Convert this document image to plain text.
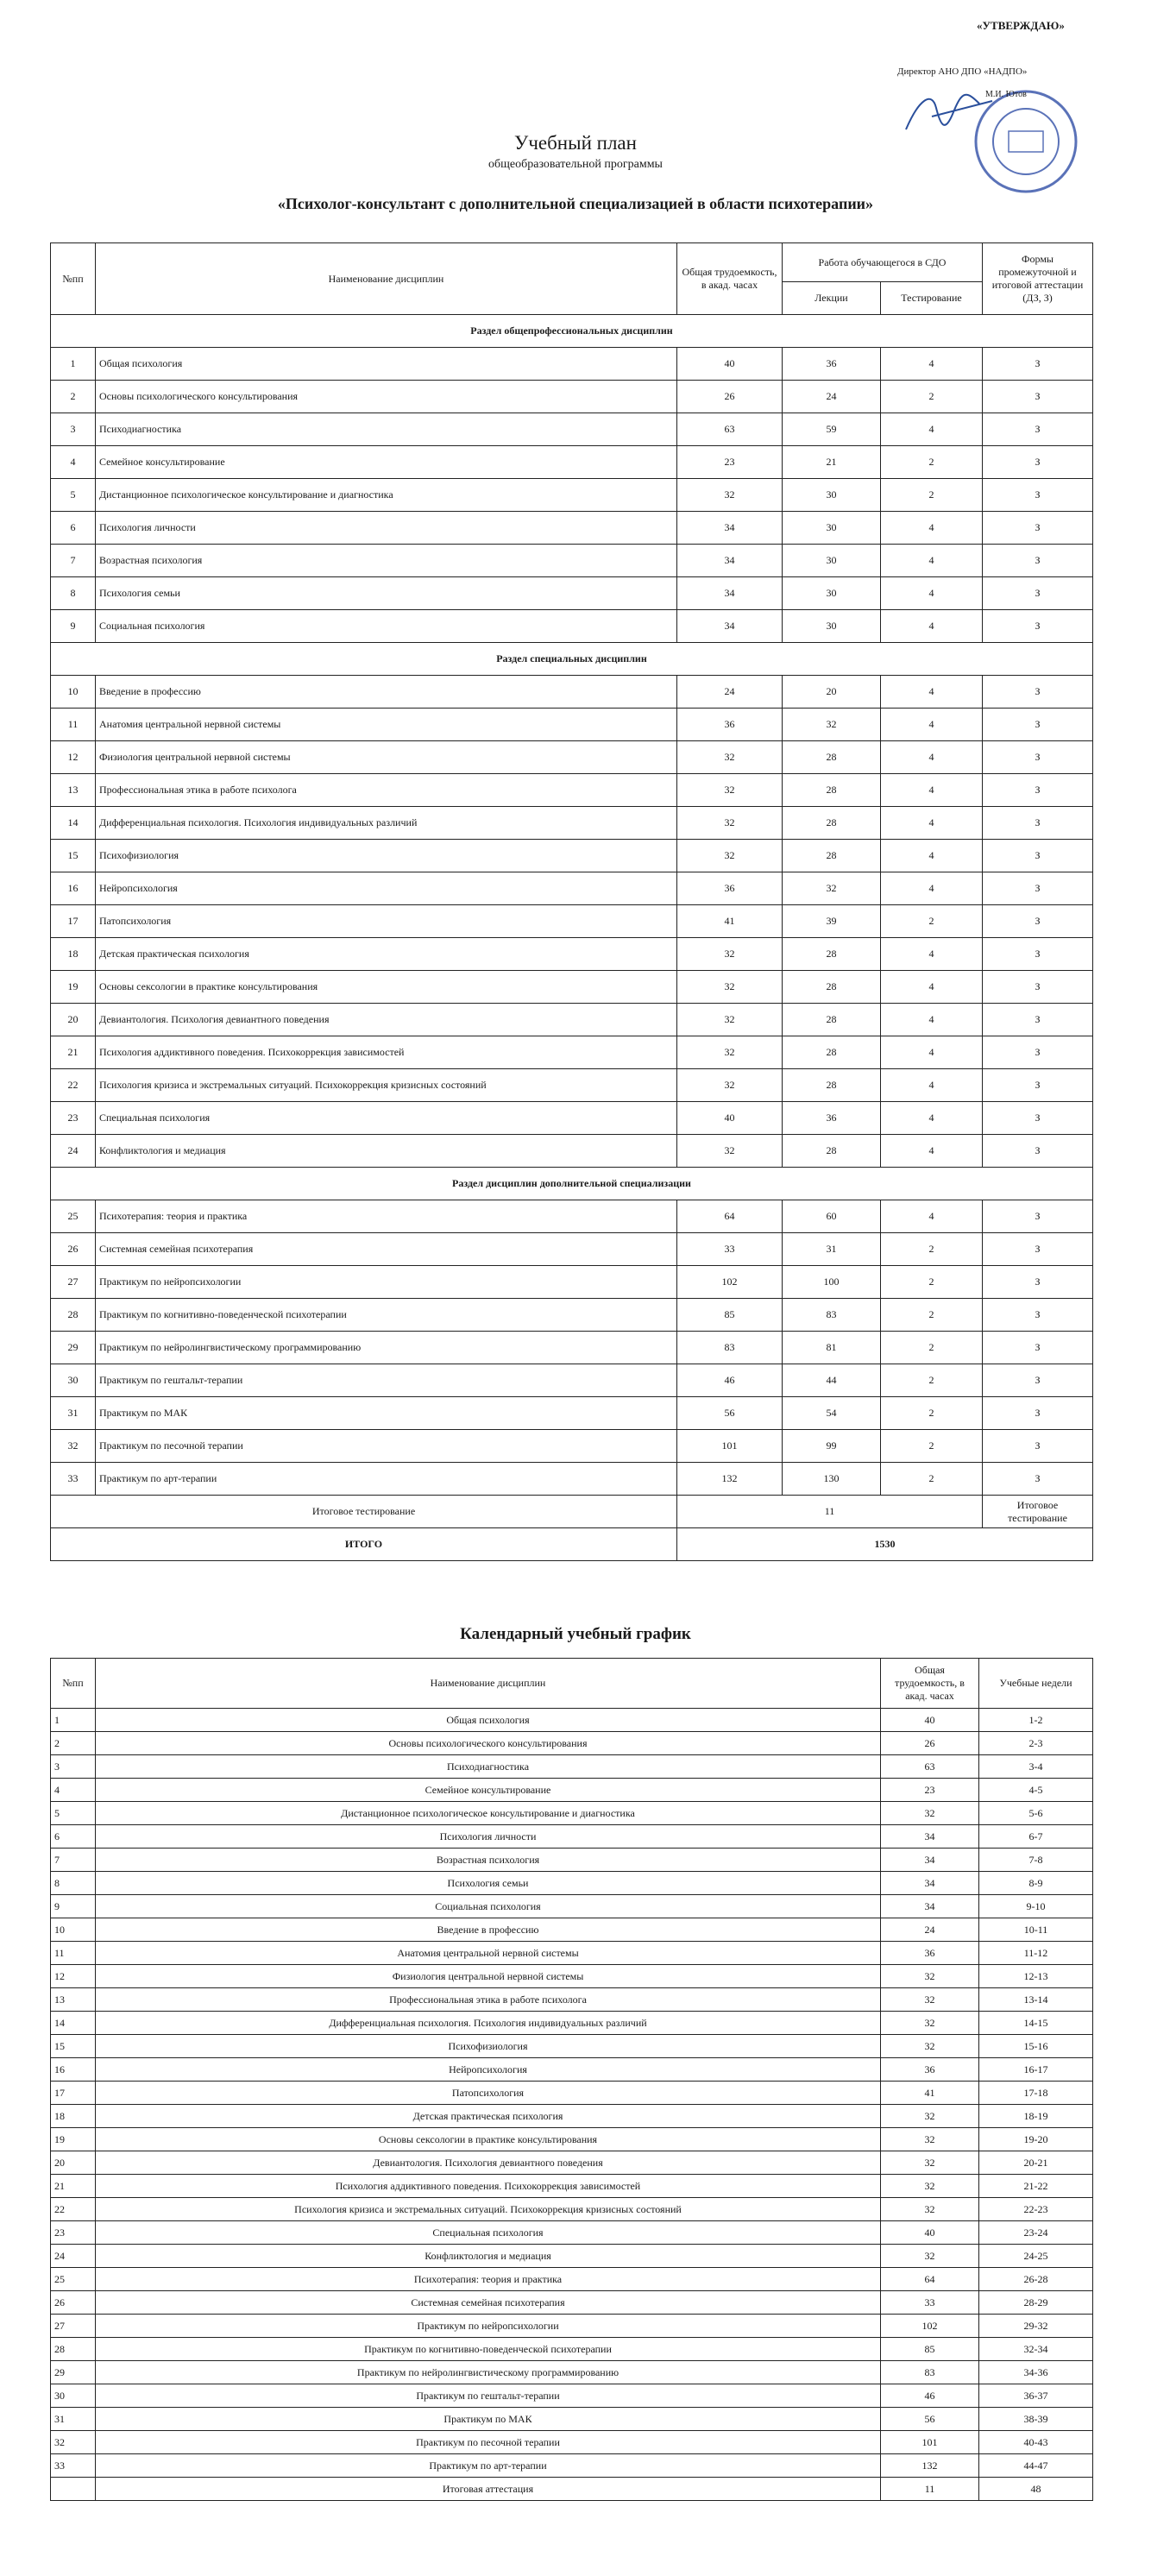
«УТВЕРЖДАЮ»
Директор АНО ДПО «НАДПО»
М.И. Ютов
Учебный план
общеобразовательной программы
«Психолог-консультант с дополнительной специализацией в области психотерапии»
№пп	Наименование дисциплин	Общая трудоемкость, в акад. часах	Работа обучающегося в СДО		Формы промежуточной и итоговой аттестации (ДЗ, З)
			Лекции	Тестирование	
Раздел общепрофессиональных дисциплин					
1	Общая психология	40	36	4	З
2	Основы психологического консультирования	26	24	2	З
3	Психодиагностика	63	59	4	З
4	Семейное консультирование	23	21	2	З
5	Дистанционное психологическое консультирование и диагностика	32	30	2	З
6	Психология личности	34	30	4	З
7	Возрастная психология	34	30	4	З
8	Психология семьи	34	30	4	З
9	Социальная психология	34	30	4	З
Раздел специальных дисциплин					
10	Введение в профессию	24	20	4	З
11	Анатомия центральной нервной системы	36	32	4	З
12	Физиология центральной нервной системы	32	28	4	З
13	Профессиональная этика в работе психолога	32	28	4	З
14	Дифференциальная психология. Психология индивидуальных различий	32	28	4	З
15	Психофизиология	32	28	4	З
16	Нейропсихология	36	32	4	З
17	Патопсихология	41	39	2	З
18	Детская практическая психология	32	28	4	З
19	Основы сексологии в практике консультирования	32	28	4	З
20	Девиантология. Психология девиантного поведения	32	28	4	З
21	Психология аддиктивного поведения. Психокоррекция зависимостей	32	28	4	З
22	Психология кризиса и экстремальных ситуаций. Психокоррекция кризисных состояний	32	28	4	З
23	Специальная психология	40	36	4	З
24	Конфликтология и медиация	32	28	4	З
Раздел дисциплин дополнительной специализации					
25	Психотерапия: теория и практика	64	60	4	З
26	Системная семейная психотерапия	33	31	2	З
27	Практикум по нейропсихологии	102	100	2	З
28	Практикум по когнитивно-поведенческой психотерапии	85	83	2	З
29	Практикум по нейролингвистическому программированию	83	81	2	З
30	Практикум по гештальт-терапии	46	44	2	З
31	Практикум по МАК	56	54	2	З
32	Практикум по песочной терапии	101	99	2	З
33	Практикум по арт-терапии	132	130	2	З
Итоговое тестирование		11			Итоговое тестирование
ИТОГО		1530			
Календарный учебный график
№пп	Наименование дисциплин	Общая трудоемкость, в акад. часах	Учебные недели
1	Общая психология	40	1-2
2	Основы психологического консультирования	26	2-3
3	Психодиагностика	63	3-4
4	Семейное консультирование	23	4-5
5	Дистанционное психологическое консультирование и диагностика	32	5-6
6	Психология личности	34	6-7
7	Возрастная психология	34	7-8
8	Психология семьи	34	8-9
9	Социальная психология	34	9-10
10	Введение в профессию	24	10-11
11	Анатомия центральной нервной системы	36	11-12
12	Физиология центральной нервной системы	32	12-13
13	Профессиональная этика в работе психолога	32	13-14
14	Дифференциальная психология. Психология индивидуальных различий	32	14-15
15	Психофизиология	32	15-16
16	Нейропсихология	36	16-17
17	Патопсихология	41	17-18
18	Детская практическая психология	32	18-19
19	Основы сексологии в практике консультирования	32	19-20
20	Девиантология. Психология девиантного поведения	32	20-21
21	Психология аддиктивного поведения. Психокоррекция зависимостей	32	21-22
22	Психология кризиса и экстремальных ситуаций. Психокоррекция кризисных состояний	32	22-23
23	Специальная психология	40	23-24
24	Конфликтология и медиация	32	24-25
25	Психотерапия: теория и практика	64	26-28
26	Системная семейная психотерапия	33	28-29
27	Практикум по нейропсихологии	102	29-32
28	Практикум по когнитивно-поведенческой психотерапии	85	32-34
29	Практикум по нейролингвистическому программированию	83	34-36
30	Практикум по гештальт-терапии	46	36-37
31	Практикум по МАК	56	38-39
32	Практикум по песочной терапии	101	40-43
33	Практикум по арт-терапии	132	44-47
	Итоговая аттестация	11	48
